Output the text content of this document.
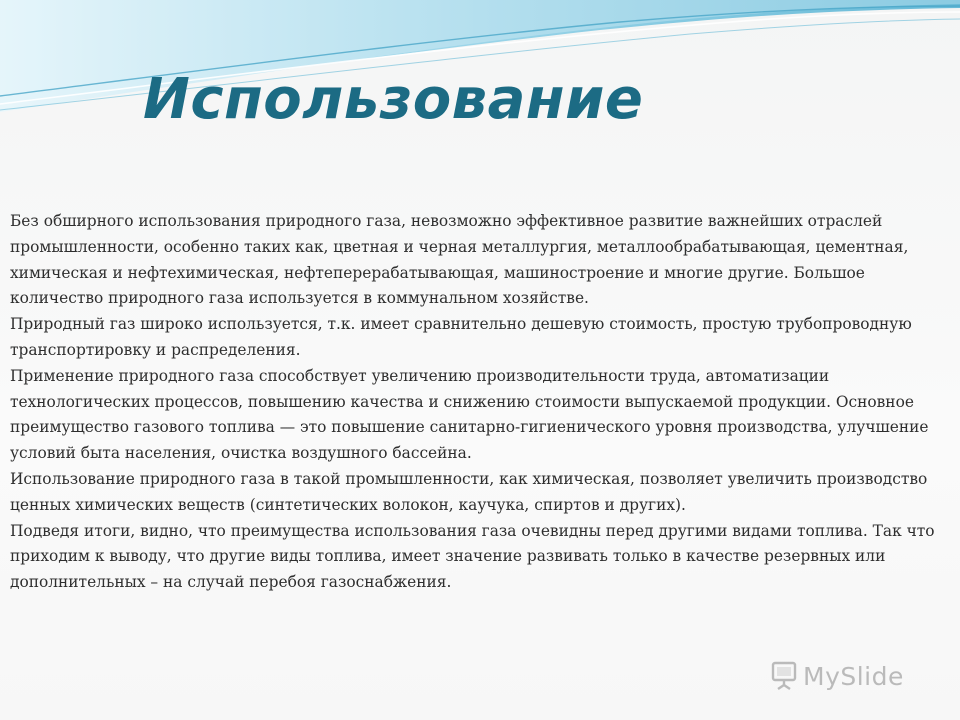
Использование

Без обширного использования природного газа, невозможно эффективное развитие важнейших отраслей промышленности, особенно таких как, цветная и черная металлургия, металлообрабатывающая, цементная, химическая и нефтехимическая, нефтеперерабатывающая, машиностроение и многие другие. Большое количество природного газа используется в коммунальном хозяйстве.

Природный газ широко используется, т.к. имеет сравнительно дешевую стоимость, простую трубопроводную транспортировку и распределения.

Применение природного газа способствует увеличению производительности труда, автоматизации технологических процессов, повышению качества и снижению стоимости выпускаемой продукции. Основное преимущество газового топлива — это повышение санитарно-гигиенического уровня производства, улучшение условий быта населения, очистка воздушного бассейна.

Использование природного газа в такой промышленности, как химическая, позволяет увеличить производство ценных химических веществ (синтетических волокон, каучука, спиртов и других).

Подведя итоги, видно, что преимущества использования газа очевидны перед другими видами топлива. Так что приходим к выводу, что другие виды топлива, имеет значение развивать только в качестве резервных или дополнительных – на случай перебоя газоснабжения.

MySlide
